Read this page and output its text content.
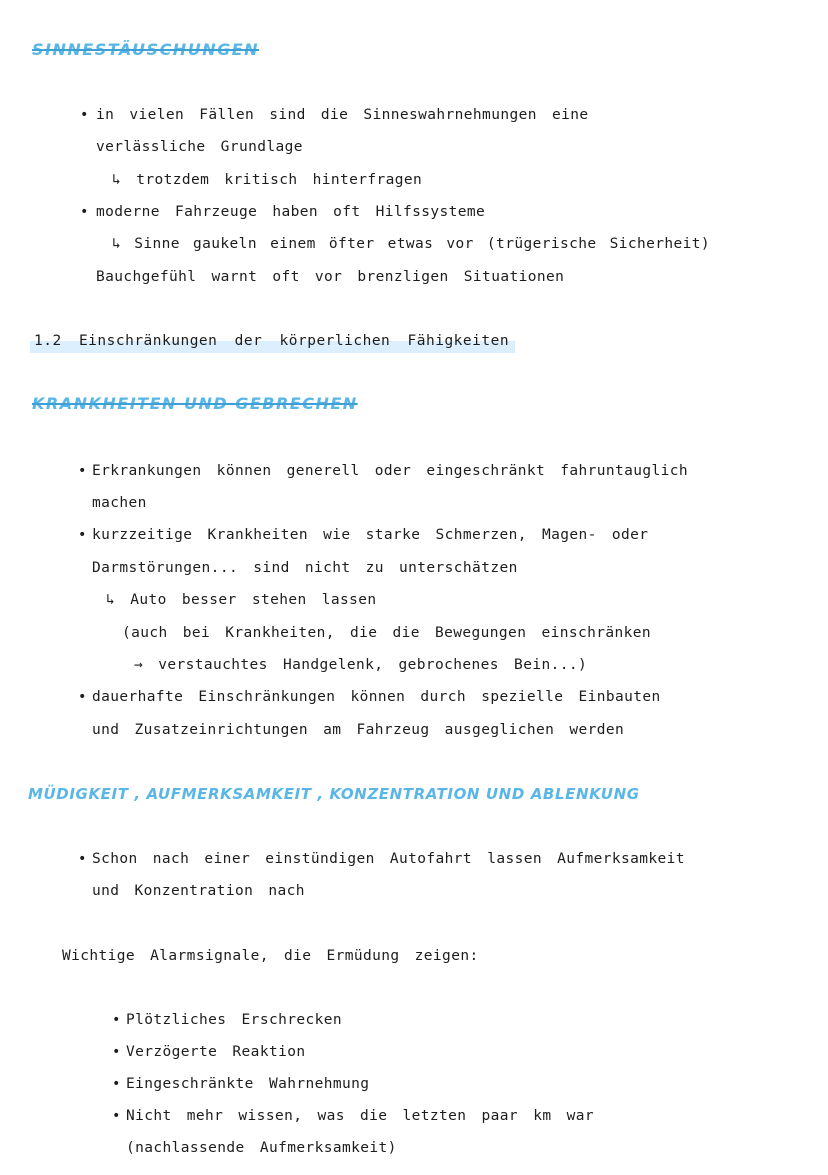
SINNESTÄUSCHUNGEN
• in vielen Fällen sind die Sinneswahrnehmungen eine
verlässliche Grundlage
↳ trotzdem kritisch hinterfragen
• moderne Fahrzeuge haben oft Hilfssysteme
↳ Sinne gaukeln einem öfter etwas vor (trügerische Sicherheit)
Bauchgefühl warnt oft vor brenzligen Situationen
1.2 Einschränkungen der körperlichen Fähigkeiten
KRANKHEITEN UND GEBRECHEN
• Erkrankungen können generell oder eingeschränkt fahruntauglich
machen
• kurzzeitige Krankheiten wie starke Schmerzen, Magen- oder
Darmstörungen... sind nicht zu unterschätzen
↳ Auto besser stehen lassen
(auch bei Krankheiten, die die Bewegungen einschränken
→ verstauchtes Handgelenk, gebrochenes Bein...)
• dauerhafte Einschränkungen können durch spezielle Einbauten
und Zusatzeinrichtungen am Fahrzeug ausgeglichen werden
MÜDIGKEIT , AUFMERKSAMKEIT , KONZENTRATION UND ABLENKUNG
• Schon nach einer einstündigen Autofahrt lassen Aufmerksamkeit
und Konzentration nach
Wichtige Alarmsignale, die Ermüdung zeigen:
• Plötzliches Erschrecken
• Verzögerte Reaktion
• Eingeschränkte Wahrnehmung
• Nicht mehr wissen, was die letzten paar km war
(nachlassende Aufmerksamkeit)
